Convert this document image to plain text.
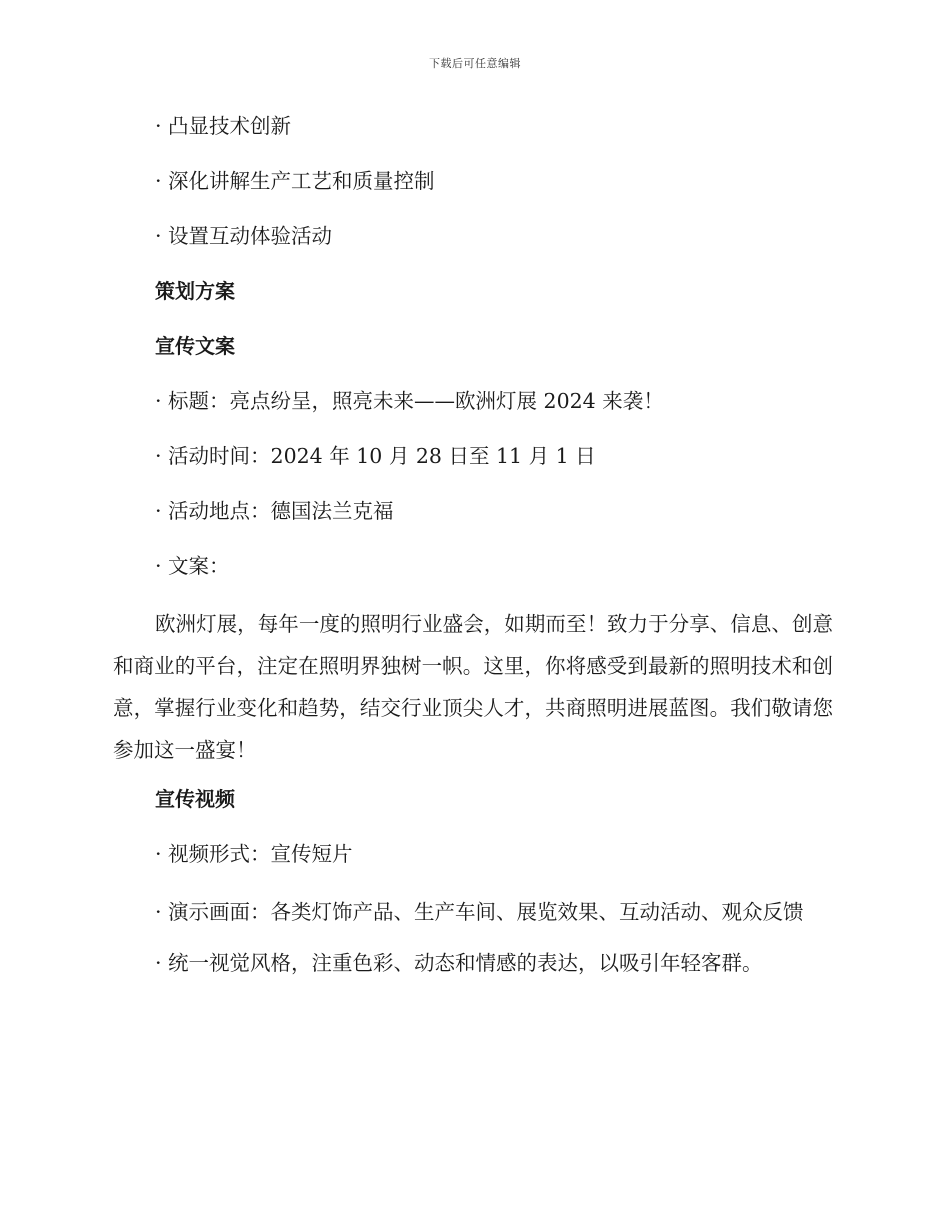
下载后可任意编辑

· 凸显技术创新

· 深化讲解生产工艺和质量控制

· 设置互动体验活动

策划方案

宣传文案

· 标题：亮点纷呈，照亮未来——欧洲灯展 2024 来袭！

· 活动时间：2024 年 10 月 28 日至 11 月 1 日

· 活动地点：德国法兰克福

· 文案：

欧洲灯展，每年一度的照明行业盛会，如期而至！致力于分享、信息、创意和商业的平台，注定在照明界独树一帜。这里，你将感受到最新的照明技术和创意，掌握行业变化和趋势，结交行业顶尖人才，共商照明进展蓝图。我们敬请您参加这一盛宴！

宣传视频

· 视频形式：宣传短片

· 演示画面：各类灯饰产品、生产车间、展览效果、互动活动、观众反馈

· 统一视觉风格，注重色彩、动态和情感的表达，以吸引年轻客群。
